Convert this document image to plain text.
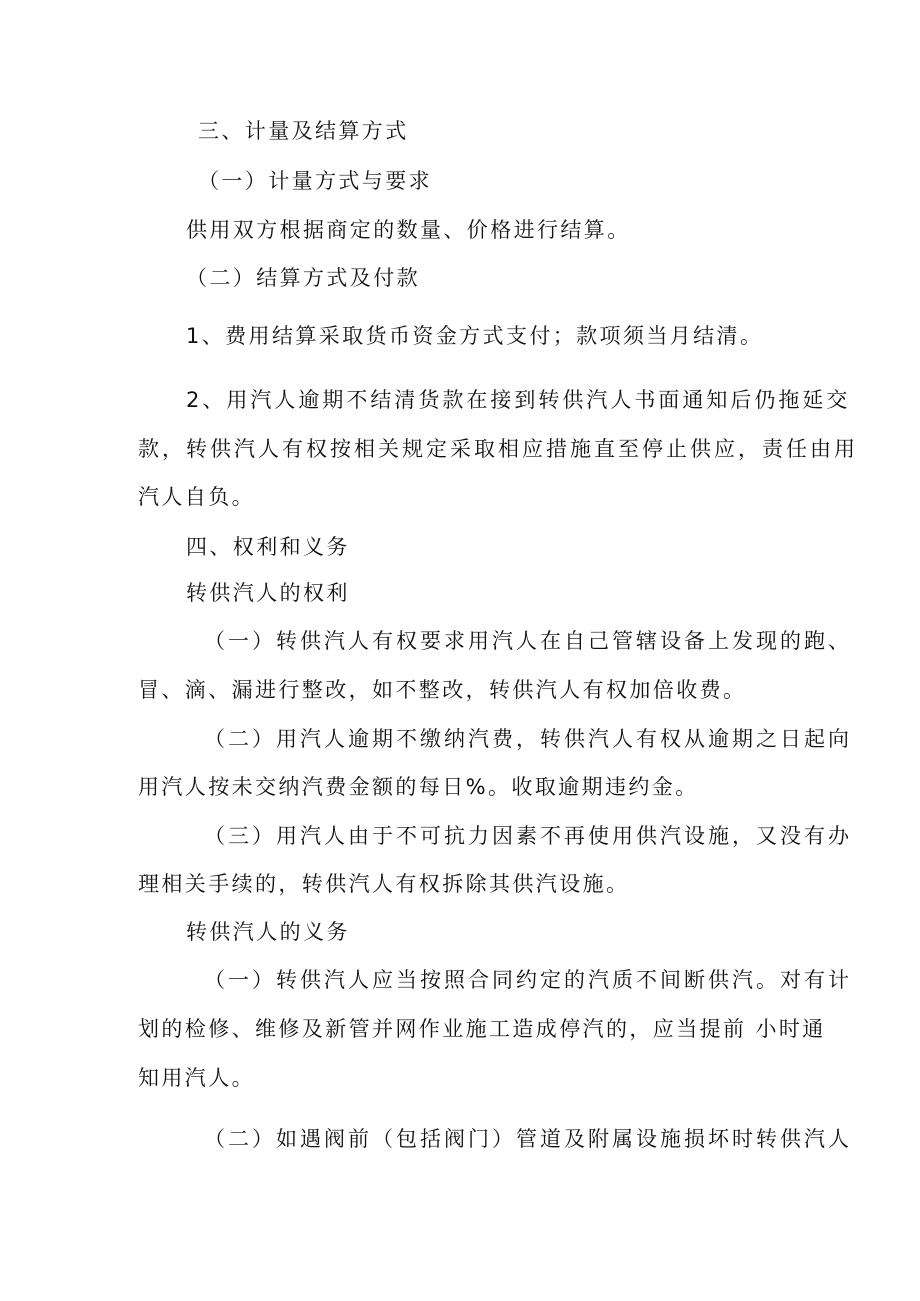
三、计量及结算方式
（一）计量方式与要求
供用双方根据商定的数量、价格进行结算。
（二）结算方式及付款
1、费用结算采取货币资金方式支付；款项须当月结清。
2、用汽人逾期不结清货款在接到转供汽人书面通知后仍拖延交
款，转供汽人有权按相关规定采取相应措施直至停止供应，责任由用
汽人自负。
四、权利和义务
转供汽人的权利
（一）转供汽人有权要求用汽人在自己管辖设备上发现的跑、
冒、滴、漏进行整改，如不整改，转供汽人有权加倍收费。
（二）用汽人逾期不缴纳汽费，转供汽人有权从逾期之日起向
用汽人按未交纳汽费金额的每日%。收取逾期违约金。
（三）用汽人由于不可抗力因素不再使用供汽设施，又没有办
理相关手续的，转供汽人有权拆除其供汽设施。
转供汽人的义务
（一）转供汽人应当按照合同约定的汽质不间断供汽。对有计
划的检修、维修及新管并网作业施工造成停汽的，应当提前 小时通
知用汽人。
（二）如遇阀前（包括阀门）管道及附属设施损坏时转供汽人
